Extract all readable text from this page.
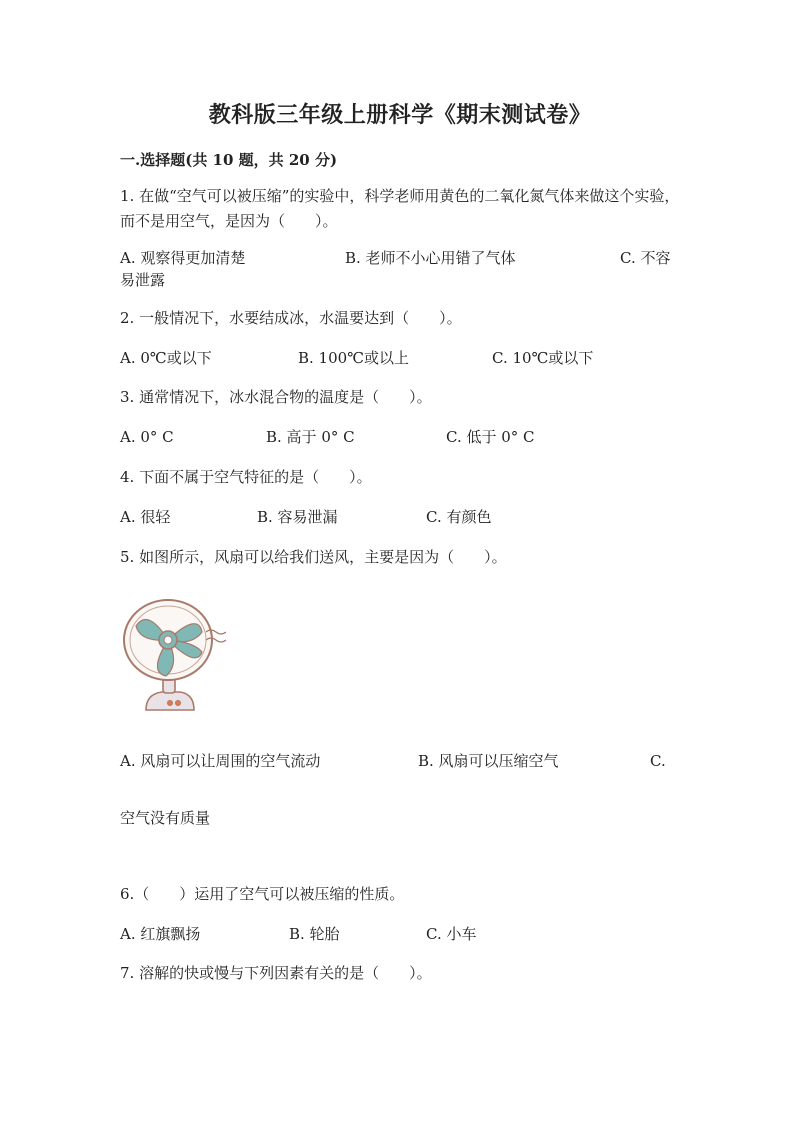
教科版三年级上册科学《期末测试卷》
一.选择题(共 10 题，共 20 分)
1. 在做“空气可以被压缩”的实验中，科学老师用黄色的二氧化氮气体来做这个实验，而不是用空气，是因为（　　）。
A. 观察得更加清楚	B. 老师不小心用错了气体	C. 不容
易泄露
2. 一般情况下，水要结成冰，水温要达到（　　）。
A. 0℃或以下	B. 100℃或以上	C. 10℃或以下
3. 通常情况下，冰水混合物的温度是（　　）。
A. 0° C	B. 高于 0° C	C. 低于 0° C
4. 下面不属于空气特征的是（　　）。
A. 很轻	B. 容易泄漏	C. 有颜色
5. 如图所示，风扇可以给我们送风，主要是因为（　　）。
A. 风扇可以让周围的空气流动	B. 风扇可以压缩空气	C.
空气没有质量
6.（　　）运用了空气可以被压缩的性质。
A. 红旗飘扬	B. 轮胎	C. 小车
7. 溶解的快或慢与下列因素有关的是（　　）。
